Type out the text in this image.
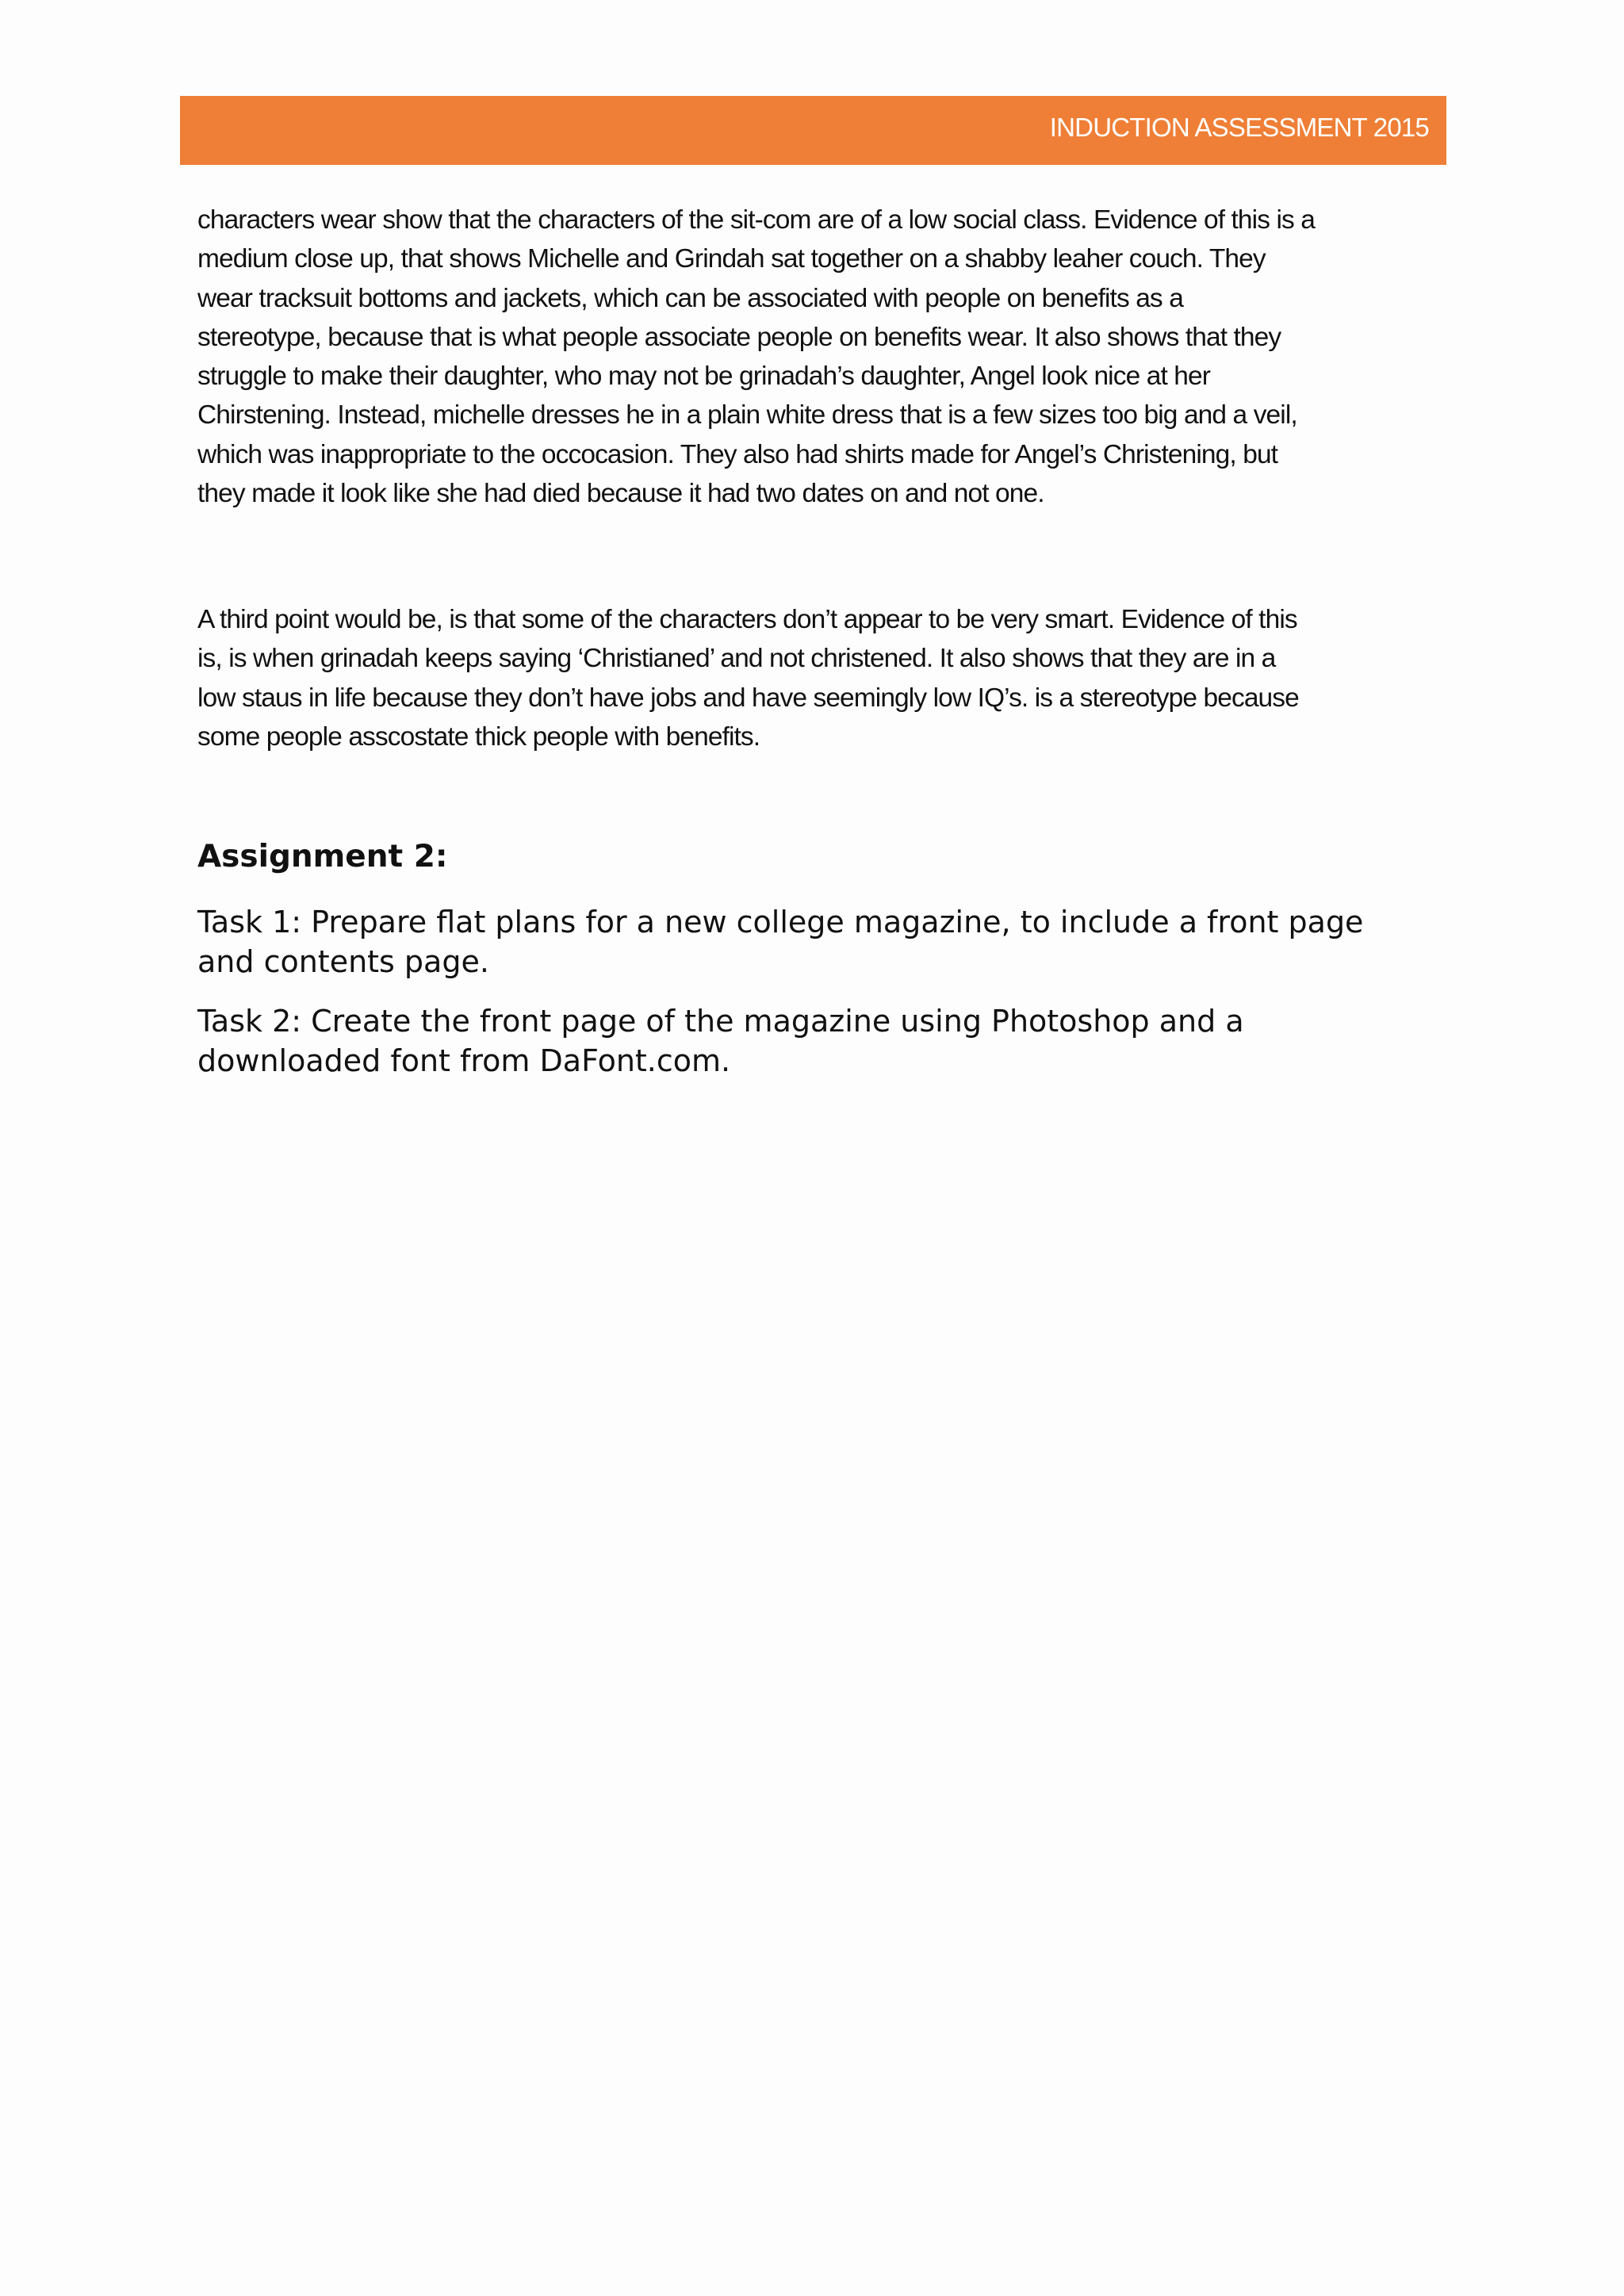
INDUCTION ASSESSMENT 2015

characters wear show that the characters of the sit-com are of a low social class. Evidence of this is a
medium close up, that shows Michelle and Grindah sat together on a shabby leaher couch. They
wear tracksuit bottoms and jackets, which can be associated with people on benefits as a
stereotype, because that is what people associate people on benefits wear. It also shows that they
struggle to make their daughter, who may not be grinadah’s daughter, Angel look nice at her
Chirstening. Instead, michelle dresses he in a plain white dress that is a few sizes too big and a veil,
which was inappropriate to the occocasion. They also had shirts made for Angel’s Christening, but
they made it look like she had died because it had two dates on and not one.

A third point would be, is that some of the characters don’t appear to be very smart. Evidence of this
is, is when grinadah keeps saying ‘Christianed’ and not christened. It also shows that they are in a
low staus in life because they don’t have jobs and have seemingly low IQ’s. is a stereotype because
some people asscostate thick people with benefits.

Assignment 2:

Task 1: Prepare flat plans for a new college magazine, to include a front page
and contents page.

Task 2: Create the front page of the magazine using Photoshop and a
downloaded font from DaFont.com.
